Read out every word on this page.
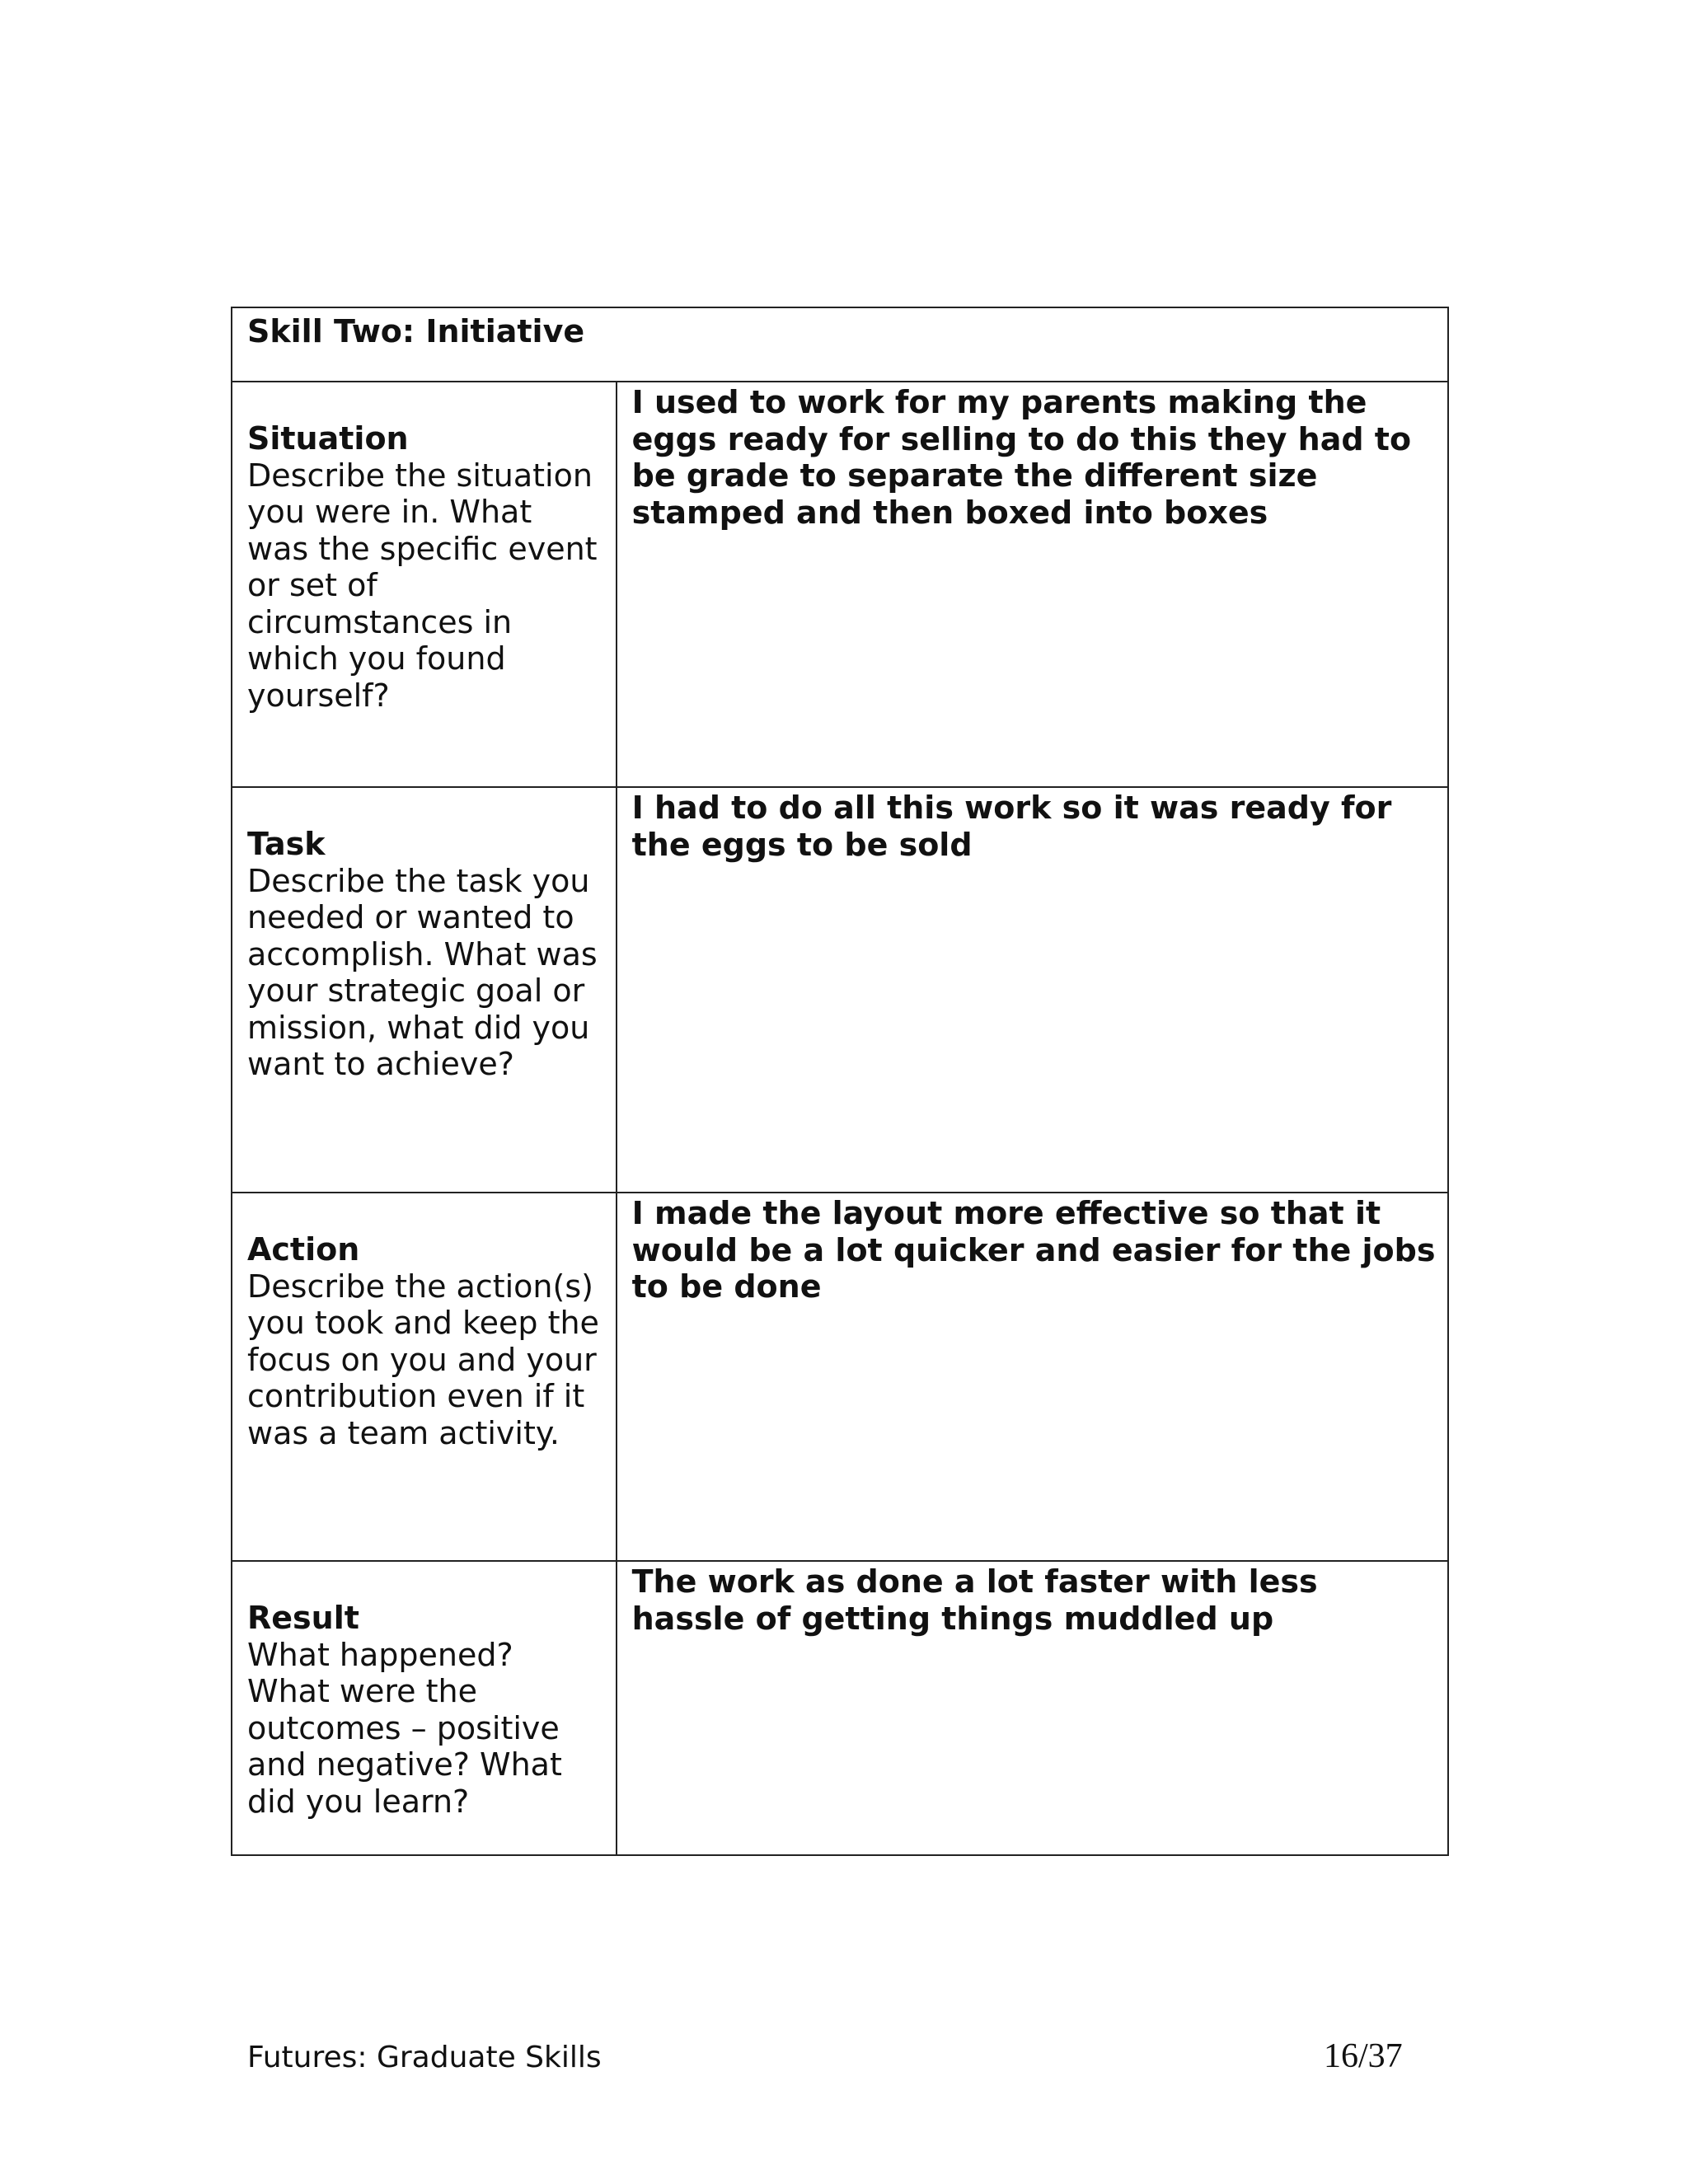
Skill Two: Initiative	

Situation
Describe the situation you were in. What was the specific event or set of circumstances in which you found yourself?	I used to work for my parents making the eggs ready for selling to do this they had to be grade to separate the different size stamped and then boxed into boxes

Task
Describe the task you needed or wanted to accomplish. What was your strategic goal or mission, what did you want to achieve?	I had to do all this work so it was ready for the eggs to be sold

Action
Describe the action(s) you took and keep the focus on you and your contribution even if it was a team activity.	I made the layout more effective so that it would be a lot quicker and easier for the jobs to be done

Result
What happened? What were the outcomes – positive and negative? What did you learn?	The work as done a lot faster with less hassle of getting things muddled up
Futures: Graduate Skills	16/37
